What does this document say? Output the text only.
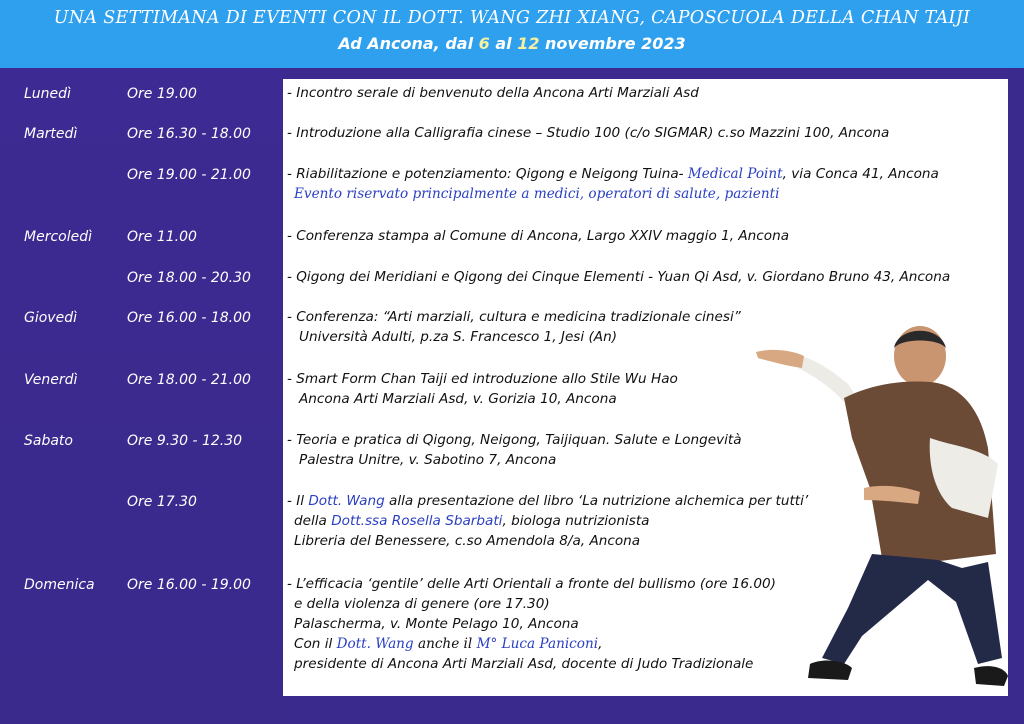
UNA SETTIMANA DI EVENTI CON IL DOTT. WANG ZHI XIANG, CAPOSCUOLA DELLA CHAN TAIJI
Ad Ancona, dal 6 al 12 novembre 2023
Lunedì	Ore 19.00	- Incontro serale di benvenuto della Ancona Arti Marziali Asd
Martedì	Ore 16.30 - 18.00	- Introduzione alla Calligrafia cinese – Studio 100 (c/o SIGMAR) c.so Mazzini 100, Ancona
Ore 19.00 - 21.00	- Riabilitazione e potenziamento: Qigong e Neigong Tuina- Medical Point, via Conca 41, Ancona
Evento riservato principalmente a medici, operatori di salute, pazienti
Mercoledì	Ore 11.00	- Conferenza stampa al Comune di Ancona, Largo XXIV maggio 1, Ancona
Ore 18.00 - 20.30	- Qigong dei Meridiani e Qigong dei Cinque Elementi - Yuan Qi Asd, v. Giordano Bruno 43, Ancona
Giovedì	Ore 16.00 - 18.00	- Conferenza: “Arti marziali, cultura e medicina tradizionale cinesi”
Università Adulti, p.za S. Francesco 1, Jesi (An)
Venerdì	Ore 18.00 - 21.00	- Smart Form Chan Taiji ed introduzione allo Stile Wu Hao
Ancona Arti Marziali Asd, v. Gorizia 10, Ancona
Sabato	Ore 9.30 - 12.30	- Teoria e pratica di Qigong, Neigong, Taijiquan. Salute e Longevità
Palestra Unitre, v. Sabotino 7, Ancona
Ore 17.30	- Il Dott. Wang alla presentazione del libro ‘La nutrizione alchemica per tutti’
della Dott.ssa Rosella Sbarbati, biologa nutrizionista
Libreria del Benessere, c.so Amendola 8/a, Ancona
Domenica Ore 16.00 - 19.00	- L’efficacia ‘gentile’ delle Arti Orientali a fronte del bullismo (ore 16.00)
e della violenza di genere (ore 17.30)
Palascherma, v. Monte Pelago 10, Ancona
Con il Dott. Wang anche il M° Luca Paniconi,
presidente di Ancona Arti Marziali Asd, docente di Judo Tradizionale
